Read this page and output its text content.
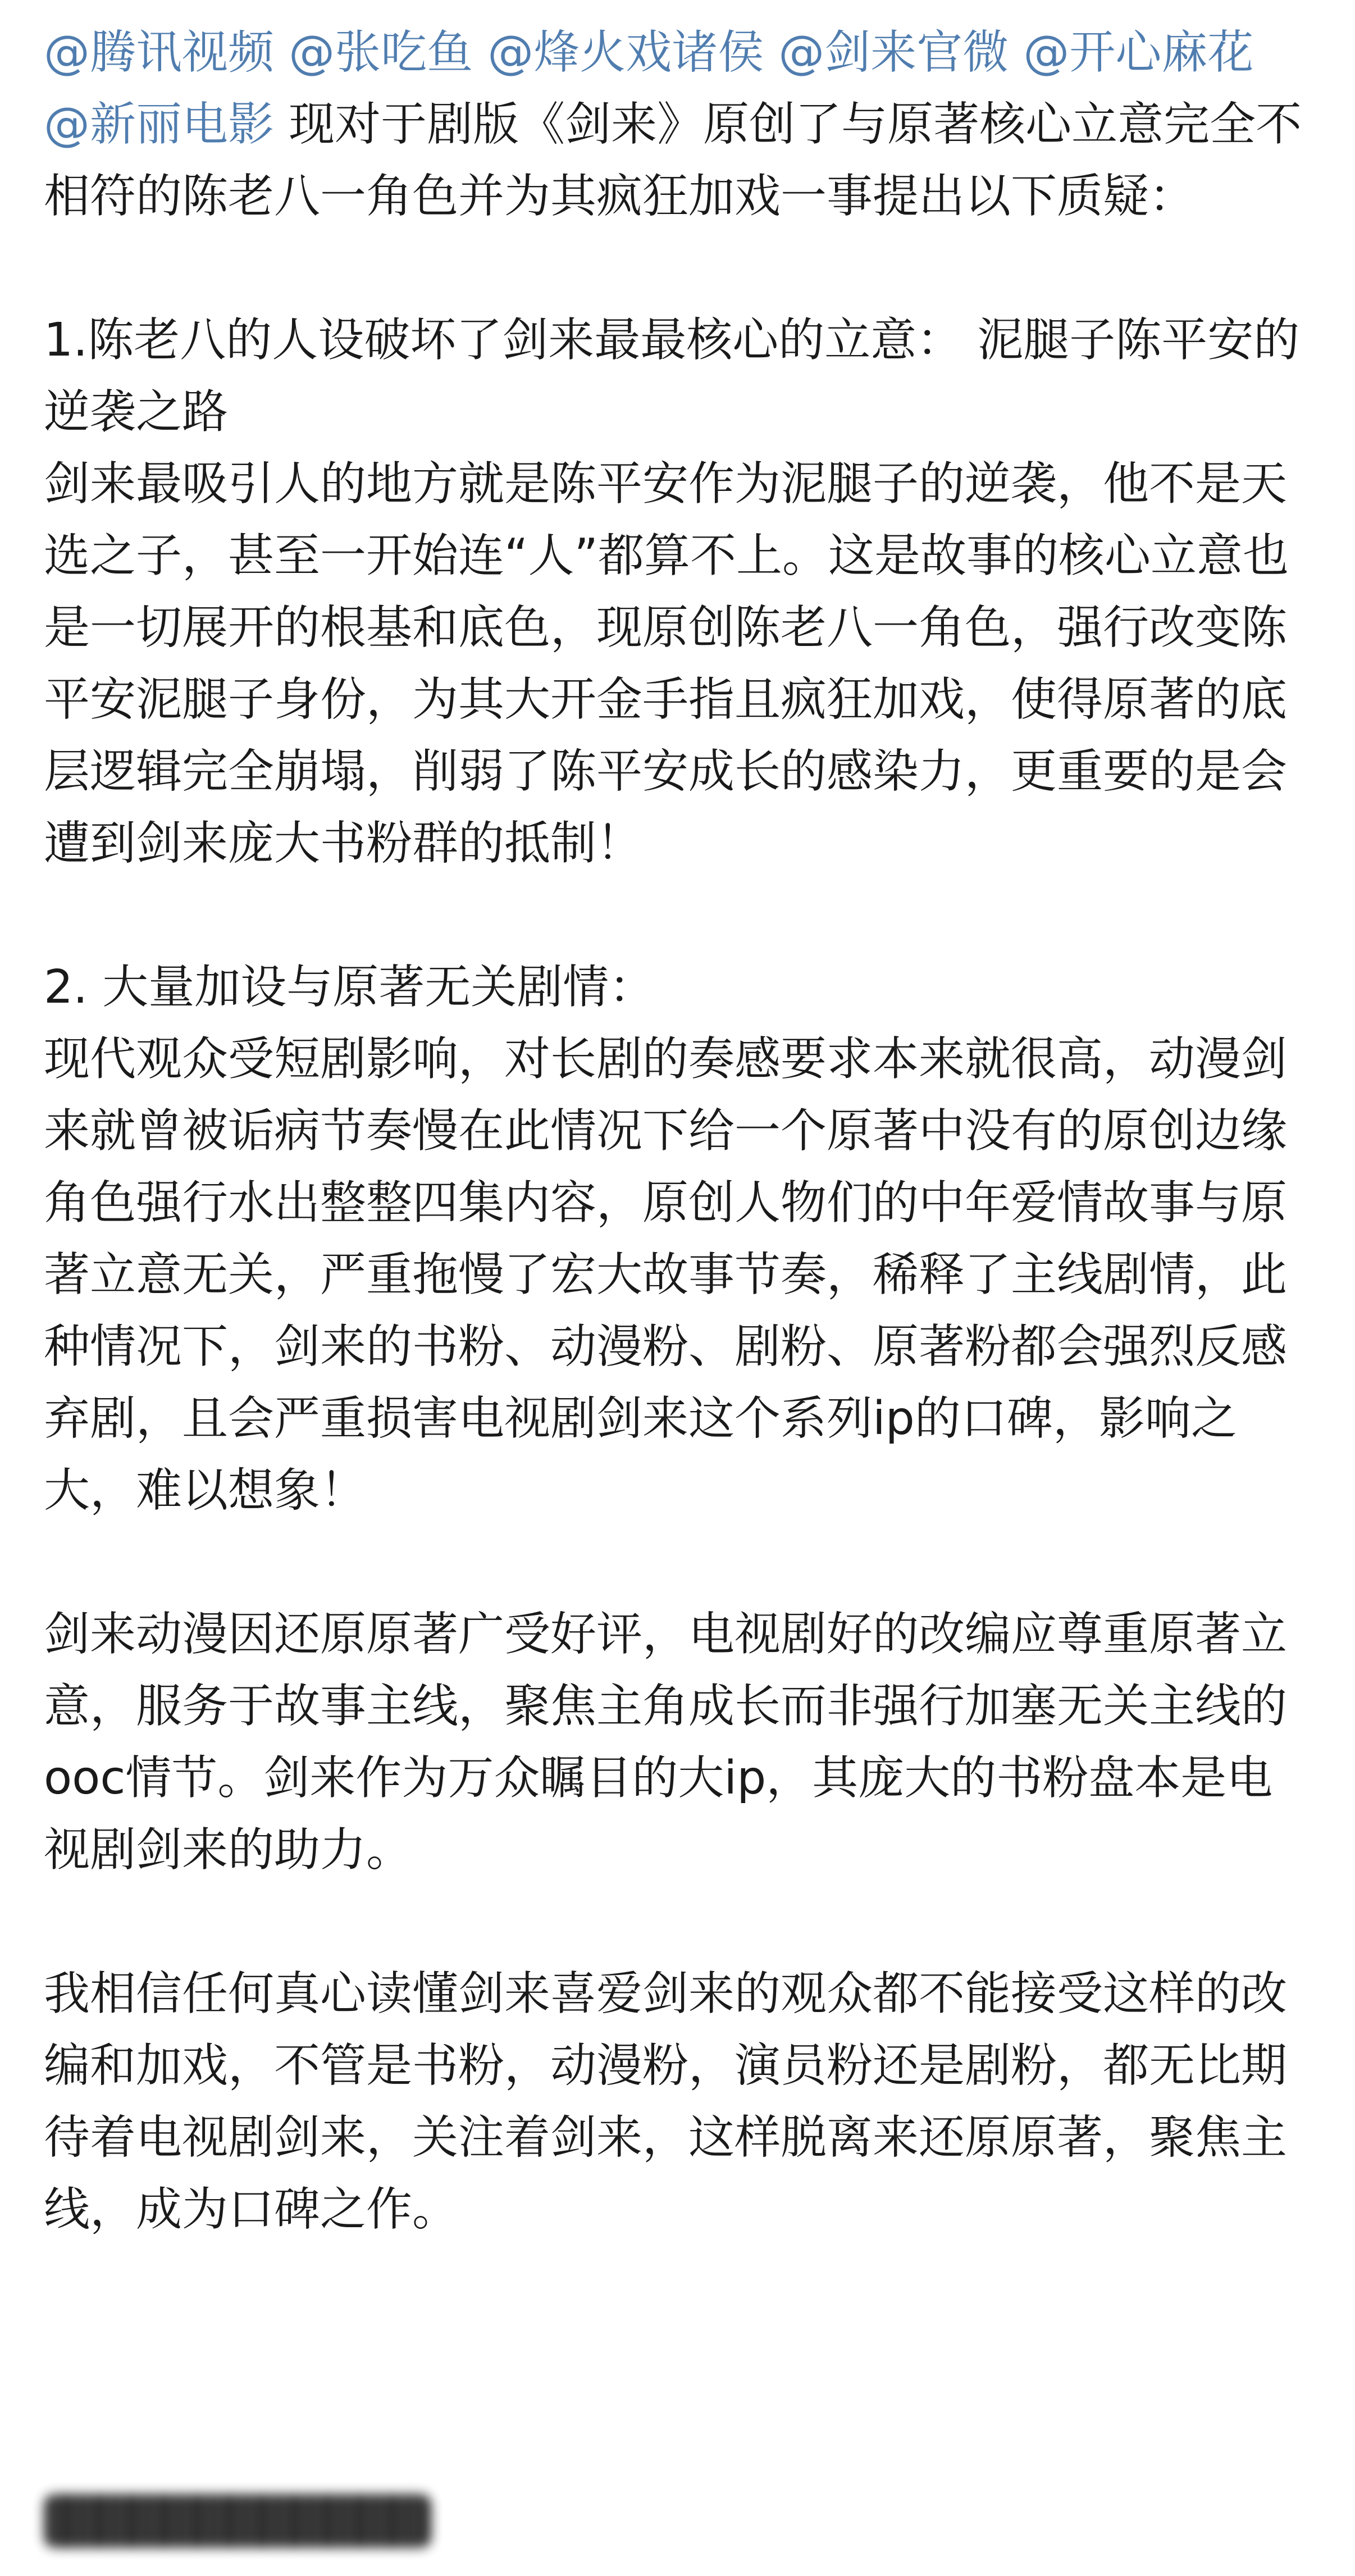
@腾讯视频 @张吃鱼 @烽火戏诸侯 @剑来官微 @开心麻花 @新丽电影 现对于剧版《剑来》原创了与原著核心立意完全不相符的陈老八一角色并为其疯狂加戏一事提出以下质疑：

1.陈老八的人设破坏了剑来最最核心的立意： 泥腿子陈平安的逆袭之路

剑来最吸引人的地方就是陈平安作为泥腿子的逆袭，他不是天选之子，甚至一开始连“人”都算不上。这是故事的核心立意也是一切展开的根基和底色，现原创陈老八一角色，强行改变陈平安泥腿子身份，为其大开金手指且疯狂加戏，使得原著的底层逻辑完全崩塌，削弱了陈平安成长的感染力，更重要的是会遭到剑来庞大书粉群的抵制！

2. 大量加设与原著无关剧情：

现代观众受短剧影响，对长剧的奏感要求本来就很高，动漫剑来就曾被诟病节奏慢在此情况下给一个原著中没有的原创边缘角色强行水出整整四集内容，原创人物们的中年爱情故事与原著立意无关，严重拖慢了宏大故事节奏，稀释了主线剧情，此种情况下，剑来的书粉、动漫粉、剧粉、原著粉都会强烈反感弃剧，且会严重损害电视剧剑来这个系列ip的口碑，影响之大，难以想象！

剑来动漫因还原原著广受好评，电视剧好的改编应尊重原著立意，服务于故事主线，聚焦主角成长而非强行加塞无关主线的ooc情节。剑来作为万众瞩目的大ip，其庞大的书粉盘本是电视剧剑来的助力。

我相信任何真心读懂剑来喜爱剑来的观众都不能接受这样的改编和加戏，不管是书粉，动漫粉，演员粉还是剧粉，都无比期待着电视剧剑来，关注着剑来，这样脱离来还原原著，聚焦主线，成为口碑之作。
